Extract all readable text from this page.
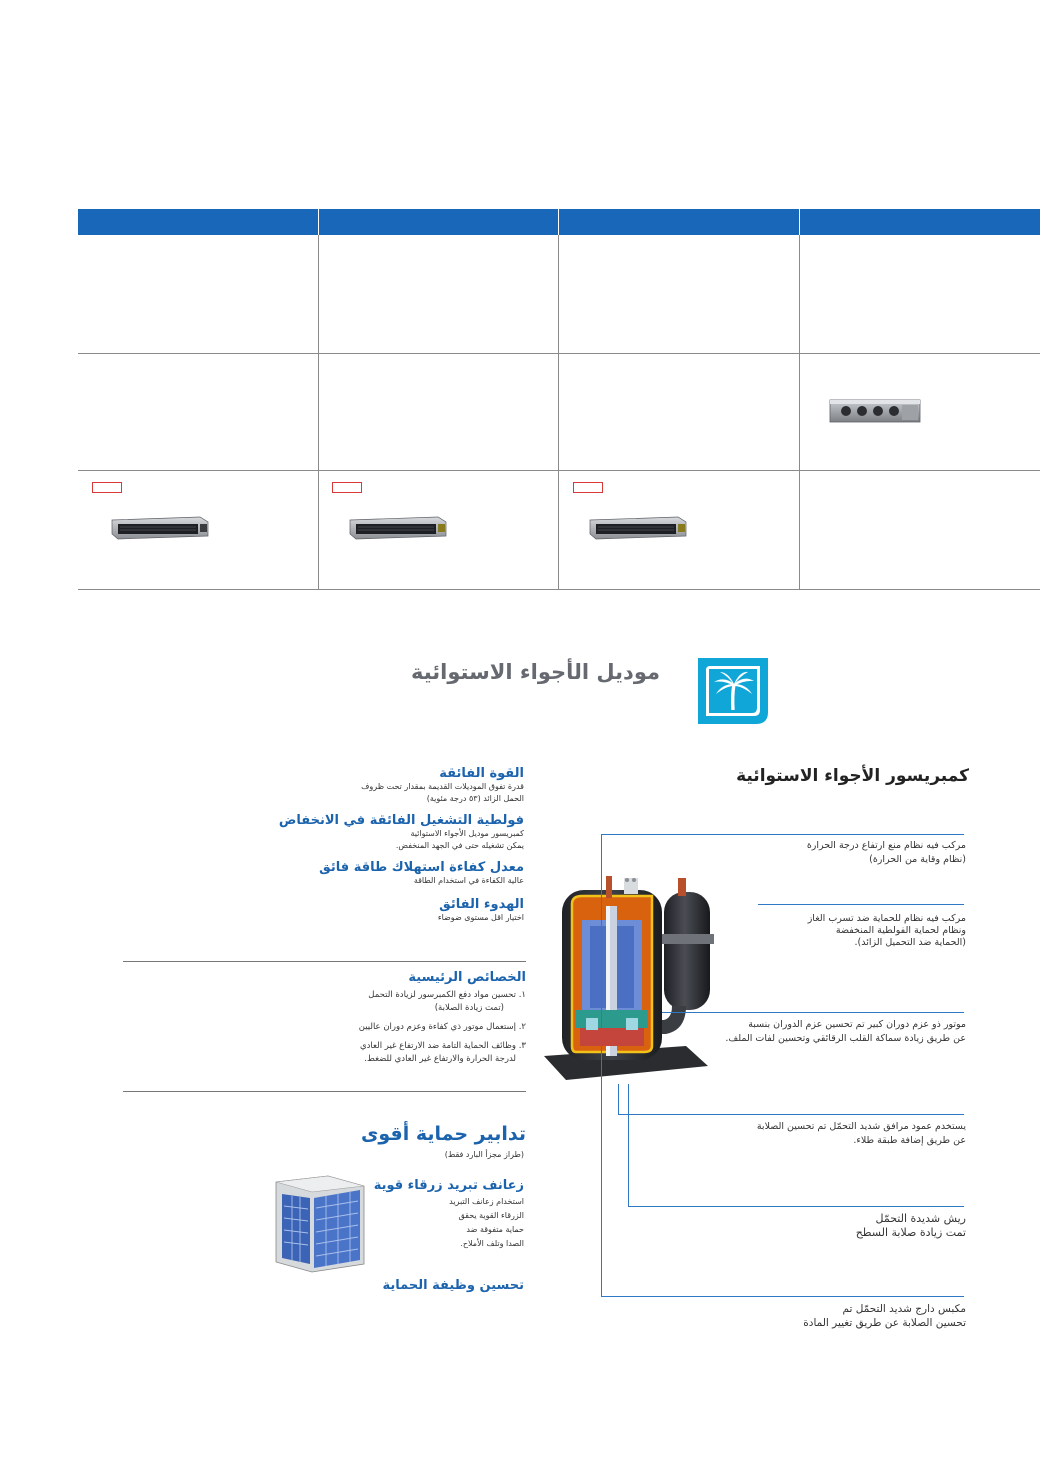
موديل الأجواء الاستوائية
كمبريسور الأجواء الاستوائية
القوة الفائقة
قدرة تفوق الموديلات القديمة بمقدار تحت ظروف
الحمل الزائد (٥٣ درجة مئوية)
فولطية التشغيل الفائقة في الانخفاض
كمبريسور موديل الأجواء الاستوائية
يمكن تشغيله حتى في الجهد المنخفض.
معدل كفاءة استهلاك طاقة فائق
عالية الكفاءة في استخدام الطاقة
الهدوء الفائق
اختيار اقل مستوى ضوضاء
الخصائص الرئيسية
١. تحسين مواد دفع الكمبرسور لزيادة التحمل
(تمت زيادة الصلابة)
٢. إستعمال موتور ذي كفاءة وعزم دوران عاليين
٣. وظائف الحماية التامة ضد الارتفاع غير العادي
لدرجة الحرارة والارتفاع غير العادي للضغط.
تدابير حماية أقوى
(طراز مجزأ البارد فقط)
زعانف تبريد زرقاء قوية
استخدام زعانف التبريد
الزرقاء القوية يحقق
حماية متفوقة ضد
الصدا وتلف الأملاح.
تحسين وظيفة الحماية
مركب فيه نظام منع ارتفاع درجة الحرارة
(نظام وقاية من الحرارة)
مركب فيه نظام للحماية ضد تسرب الغاز
ونظام لحماية الفولطية المنخفضة
(الحماية ضد التحميل الزائد).
موتور ذو عزم دوران كبير تم تحسين عزم الدوران بنسبة
عن طريق زيادة سماكة القلب الرقائقي وتحسين لفات الملف.
يستخدم عمود مرافق شديد التحمّل تم تحسين الصلابة
عن طريق إضافة طبقة طلاء.
ريش شديدة التحمّل
تمت زيادة صلابة السطح
مكبس دارج شديد التحمّل تم
تحسين الصلابة عن طريق تغيير المادة
